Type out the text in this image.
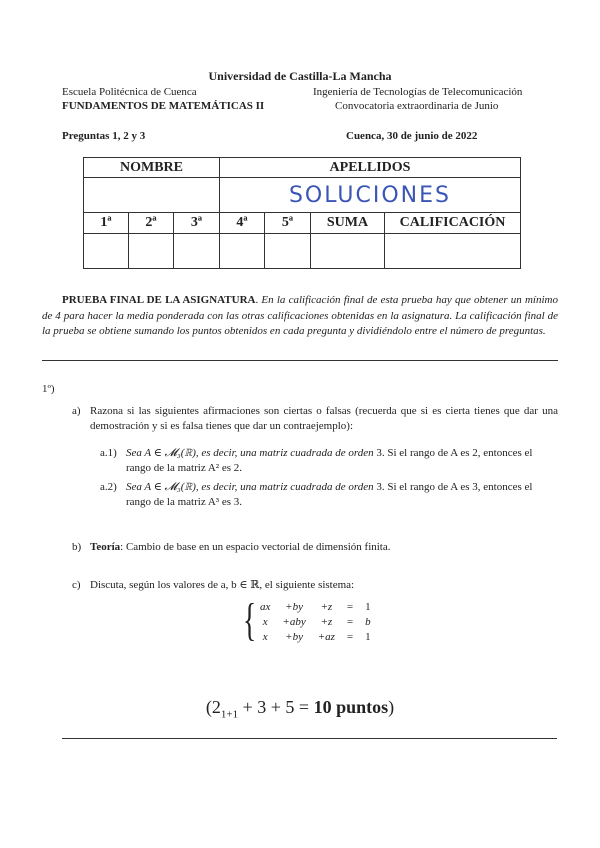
Universidad de Castilla-La Mancha
Escuela Politécnica de Cuenca	Ingeniería de Tecnologías de Telecomunicación
FUNDAMENTOS DE MATEMÁTICAS II	Convocatoria extraordinaria de Junio
Preguntas 1, 2 y 3	Cuenca, 30 de junio de 2022
NOMBRE			APELLIDOS			
			SOLUCIONES			
1ª	2ª	3ª	4ª	5ª	SUMA	CALIFICACIÓN

PRUEBA FINAL DE LA ASIGNATURA. En la calificación final de esta prueba hay que obtener un mínimo de 4 para hacer la media ponderada con las otras calificaciones obtenidas en la asignatura. La calificación final de la prueba se obtiene sumando los puntos obtenidos en cada pregunta y dividiéndolo entre el número de preguntas.
1º)
a) Razona si las siguientes afirmaciones son ciertas o falsas (recuerda que si es cierta tienes que dar una demostración y si es falsa tienes que dar un contraejemplo):
a.1) Sea A ∈ 𝓜₃(ℝ), es decir, una matriz cuadrada de orden 3. Si el rango de A es 2, entonces el rango de la matriz A² es 2.
a.2) Sea A ∈ 𝓜₃(ℝ), es decir, una matriz cuadrada de orden 3. Si el rango de A es 3, entonces el rango de la matriz A³ es 3.
b) Teoría: Cambio de base en un espacio vectorial de dimensión finita.
c) Discuta, según los valores de a, b ∈ ℝ, el siguiente sistema:
{ ax	+by	+z	=	1
x	+aby	+z	=	b
x	+by	+az	=	1
($2_{1+1} + 3 + 5 = 10$ puntos)
